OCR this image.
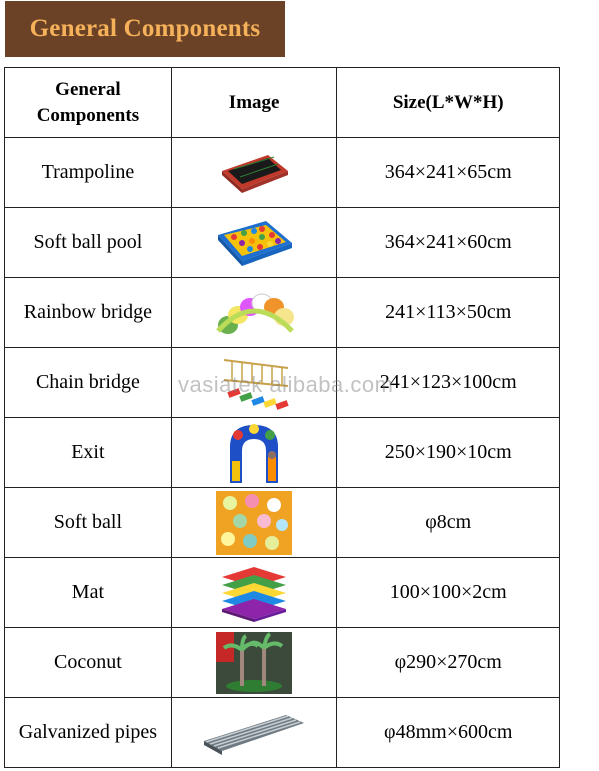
General Components
General Components	Image	Size(L*W*H)
Trampoline		364×241×65cm
Soft ball pool		364×241×60cm
Rainbow bridge		241×113×50cm
Chain bridge		241×123×100cm
Exit		250×190×10cm
Soft ball		φ8cm
Mat		100×100×2cm
Coconut		φ290×270cm
Galvanized pipes		φ48mm×600cm
vasiatek alibaba.com
